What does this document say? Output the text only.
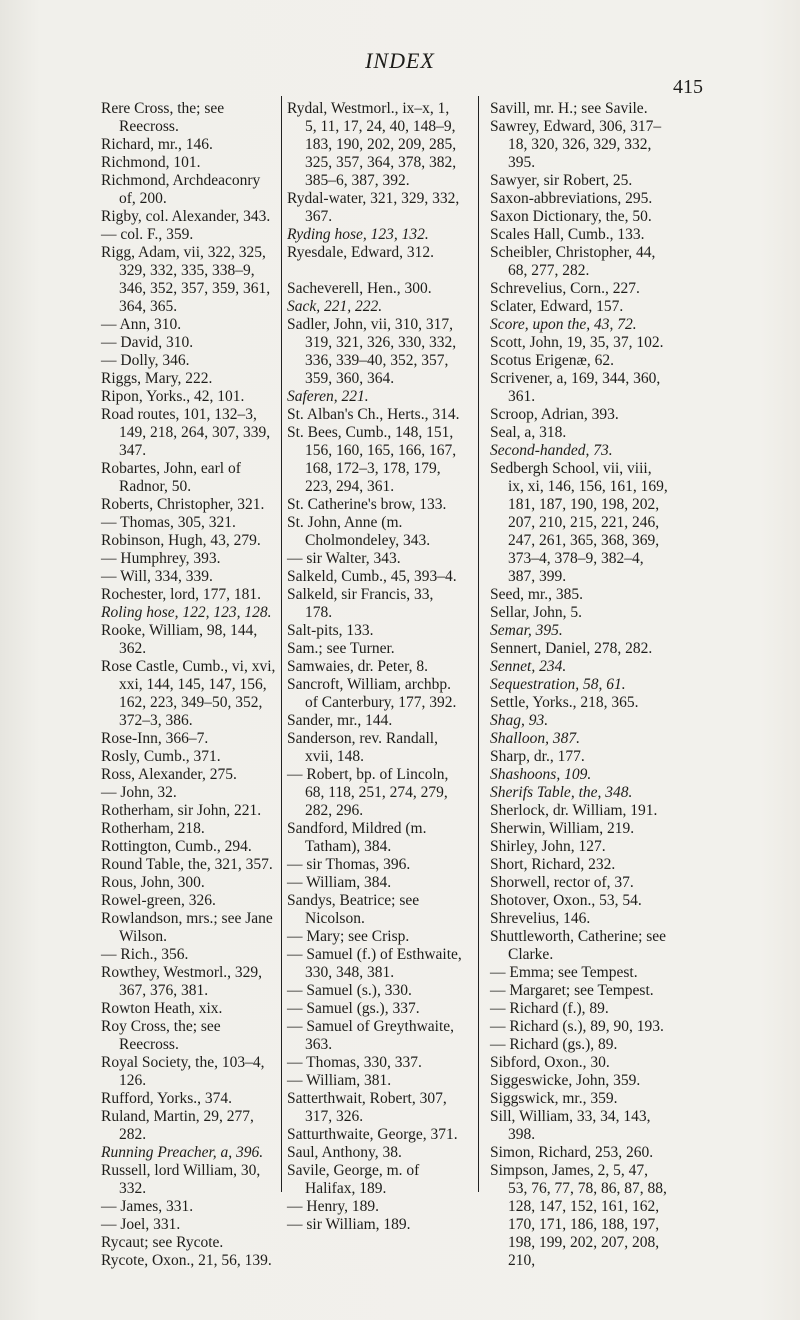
INDEX
415
Rere Cross, the; see Reecross.
Richard, mr., 146.
Richmond, 101.
Richmond, Archdeaconry of, 200.
Rigby, col. Alexander, 343.
— col. F., 359.
Rigg, Adam, vii, 322, 325, 329, 332, 335, 338–9, 346, 352, 357, 359, 361, 364, 365.
— Ann, 310.
— David, 310.
— Dolly, 346.
Riggs, Mary, 222.
Ripon, Yorks., 42, 101.
Road routes, 101, 132–3, 149, 218, 264, 307, 339, 347.
Robartes, John, earl of Radnor, 50.
Roberts, Christopher, 321.
— Thomas, 305, 321.
Robinson, Hugh, 43, 279.
— Humphrey, 393.
— Will, 334, 339.
Rochester, lord, 177, 181.
Roling hose, 122, 123, 128.
Rooke, William, 98, 144, 362.
Rose Castle, Cumb., vi, xvi, xxi, 144, 145, 147, 156, 162, 223, 349–50, 352, 372–3, 386.
Rose-Inn, 366–7.
Rosly, Cumb., 371.
Ross, Alexander, 275.
— John, 32.
Rotherham, sir John, 221.
Rotherham, 218.
Rottington, Cumb., 294.
Round Table, the, 321, 357.
Rous, John, 300.
Rowel-green, 326.
Rowlandson, mrs.; see Jane Wilson.
— Rich., 356.
Rowthey, Westmorl., 329, 367, 376, 381.
Rowton Heath, xix.
Roy Cross, the; see Reecross.
Royal Society, the, 103–4, 126.
Rufford, Yorks., 374.
Ruland, Martin, 29, 277, 282.
Running Preacher, a, 396.
Russell, lord William, 30, 332.
— James, 331.
— Joel, 331.
Rycaut; see Rycote.
Rycote, Oxon., 21, 56, 139.
Rydal, Westmorl., ix–x, 1, 5, 11, 17, 24, 40, 148–9, 183, 190, 202, 209, 285, 325, 357, 364, 378, 382, 385–6, 387, 392.
Rydal-water, 321, 329, 332, 367.
Ryding hose, 123, 132.
Ryesdale, Edward, 312.
Sacheverell, Hen., 300.
Sack, 221, 222.
Sadler, John, vii, 310, 317, 319, 321, 326, 330, 332, 336, 339–40, 352, 357, 359, 360, 364.
Saferen, 221.
St. Alban's Ch., Herts., 314.
St. Bees, Cumb., 148, 151, 156, 160, 165, 166, 167, 168, 172–3, 178, 179, 223, 294, 361.
St. Catherine's brow, 133.
St. John, Anne (m. Cholmondeley, 343.
— sir Walter, 343.
Salkeld, Cumb., 45, 393–4.
Salkeld, sir Francis, 33, 178.
Salt-pits, 133.
Sam.; see Turner.
Samwaies, dr. Peter, 8.
Sancroft, William, archbp. of Canterbury, 177, 392.
Sander, mr., 144.
Sanderson, rev. Randall, xvii, 148.
— Robert, bp. of Lincoln, 68, 118, 251, 274, 279, 282, 296.
Sandford, Mildred (m. Tatham), 384.
— sir Thomas, 396.
— William, 384.
Sandys, Beatrice; see Nicolson.
— Mary; see Crisp.
— Samuel (f.) of Esthwaite, 330, 348, 381.
— Samuel (s.), 330.
— Samuel (gs.), 337.
— Samuel of Greythwaite, 363.
— Thomas, 330, 337.
— William, 381.
Satterthwait, Robert, 307, 317, 326.
Satturthwaite, George, 371.
Saul, Anthony, 38.
Savile, George, m. of Halifax, 189.
— Henry, 189.
— sir William, 189.
Savill, mr. H.; see Savile.
Sawrey, Edward, 306, 317–18, 320, 326, 329, 332, 395.
Sawyer, sir Robert, 25.
Saxon-abbreviations, 295.
Saxon Dictionary, the, 50.
Scales Hall, Cumb., 133.
Scheibler, Christopher, 44, 68, 277, 282.
Schrevelius, Corn., 227.
Sclater, Edward, 157.
Score, upon the, 43, 72.
Scott, John, 19, 35, 37, 102.
Scotus Erigenæ, 62.
Scrivener, a, 169, 344, 360, 361.
Scroop, Adrian, 393.
Seal, a, 318.
Second-handed, 73.
Sedbergh School, vii, viii, ix, xi, 146, 156, 161, 169, 181, 187, 190, 198, 202, 207, 210, 215, 221, 246, 247, 261, 365, 368, 369, 373–4, 378–9, 382–4, 387, 399.
Seed, mr., 385.
Sellar, John, 5.
Semar, 395.
Sennert, Daniel, 278, 282.
Sennet, 234.
Sequestration, 58, 61.
Settle, Yorks., 218, 365.
Shag, 93.
Shalloon, 387.
Sharp, dr., 177.
Shashoons, 109.
Sherifs Table, the, 348.
Sherlock, dr. William, 191.
Sherwin, William, 219.
Shirley, John, 127.
Short, Richard, 232.
Shorwell, rector of, 37.
Shotover, Oxon., 53, 54.
Shrevelius, 146.
Shuttleworth, Catherine; see Clarke.
— Emma; see Tempest.
— Margaret; see Tempest.
— Richard (f.), 89.
— Richard (s.), 89, 90, 193.
— Richard (gs.), 89.
Sibford, Oxon., 30.
Siggeswicke, John, 359.
Siggswick, mr., 359.
Sill, William, 33, 34, 143, 398.
Simon, Richard, 253, 260.
Simpson, James, 2, 5, 47, 53, 76, 77, 78, 86, 87, 88, 128, 147, 152, 161, 162, 170, 171, 186, 188, 197, 198, 199, 202, 207, 208, 210,
